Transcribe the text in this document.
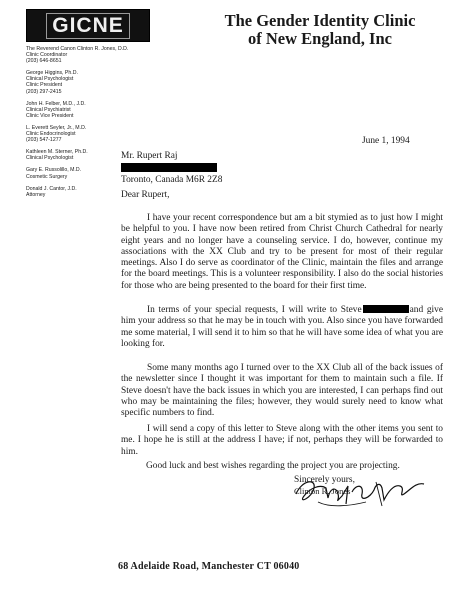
GICNE	The Gender Identity Clinic
of New England, Inc
The Reverend Canon Clinton R. Jones, D.D.
Clinic Coordinator
(203) 646-8651
George Higgins, Ph.D.
Clinical Psychologist
Clinic President
(203) 297-2415
John H. Felber, M.D., J.D.
Clinical Psychiatrist
Clinic Vice President
L. Everett Seyler, Jr., M.D.
Clinic Endocrinologist
(203) 547-1277
Kathleen M. Sterner, Ph.D.
Clinical Psychologist
Gary E. Russolillo, M.D.
Cosmetic Surgery
Donald J. Cantor, J.D.
Attorney
June 1, 1994
Mr. Rupert Raj
Toronto, Canada M6R 2Z8
Dear Rupert,
I have your recent correspondence but am a bit stymied as to just how I might be helpful to you. I have now been retired from Christ Church Cathedral for nearly eight years and no longer have a counseling service. I do, however, continue my associations with the XX Club and try to be present for most of their regular meetings. Also I do serve as coordinator of the Clinic, maintain the files and arrange for the board meetings. This is a volunteer responsibility. I also do the social histories for those who are being presented to the board for their first time.
In terms of your special requests, I will write to Steve	and give him your address so that he may be in touch with you. Also since you have forwarded me some material, I will send it to him so that he will have some idea of what you are looking for.
Some many months ago I turned over to the XX Club all of the back issues of the newsletter since I thought it was important for them to maintain such a file. If Steve doesn't have the back issues in which you are interested, I can perhaps find out who may be maintaining the files; however, they would surely need to know what specific numbers to find.
I will send a copy of this letter to Steve along with the other items you sent to me. I hope he is still at the address I have; if not, perhaps they will be forwarded to him.
Good luck and best wishes regarding the project you are projecting.
Sincerely yours,
Clinton R. Jones
68 Adelaide Road, Manchester CT 06040
